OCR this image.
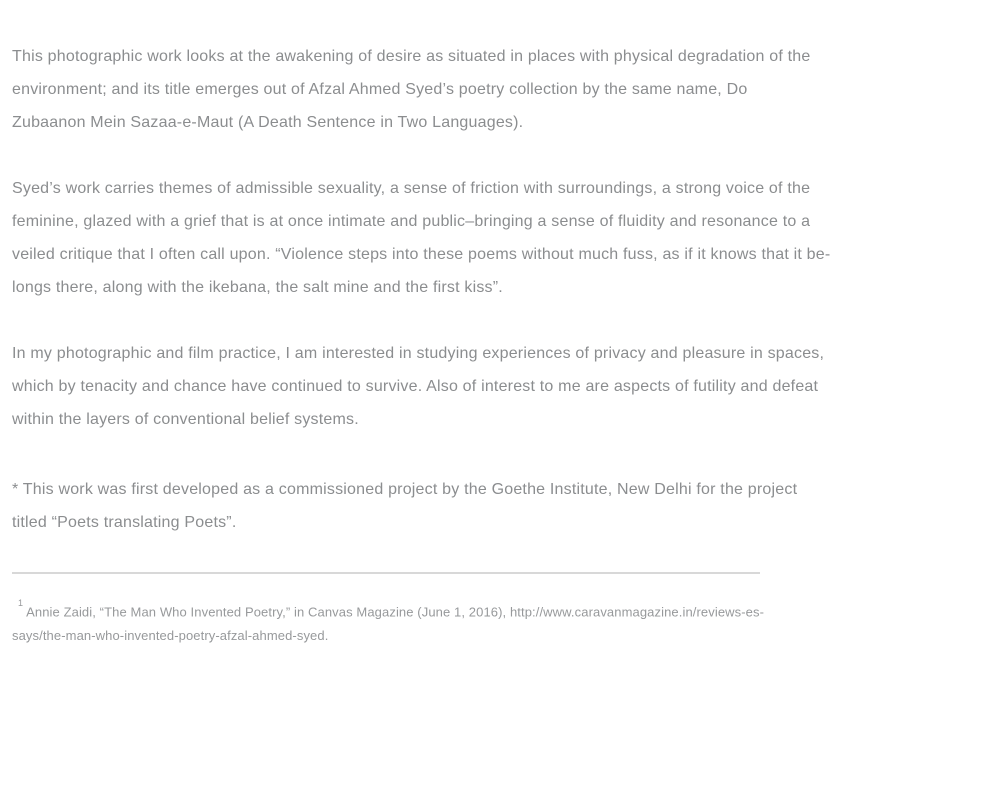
This photographic work looks at the awakening of desire as situated in places with physical degradation of the
environment; and its title emerges out of Afzal Ahmed Syed’s poetry collection by the same name, Do
Zubaanon Mein Sazaa-e-Maut (A Death Sentence in Two Languages).
Syed’s work carries themes of admissible sexuality, a sense of friction with surroundings, a strong voice of the
feminine, glazed with a grief that is at once intimate and public–bringing a sense of fluidity and resonance to a
veiled critique that I often call upon. “Violence steps into these poems without much fuss, as if it knows that it be-
longs there, along with the ikebana, the salt mine and the first kiss”.
In my photographic and film practice, I am interested in studying experiences of privacy and pleasure in spaces,
which by tenacity and chance have continued to survive. Also of interest to me are aspects of futility and defeat
within the layers of conventional belief systems.
* This work was first developed as a commissioned project by the Goethe Institute, New Delhi for the project
titled “Poets translating Poets”.
$^1$Annie Zaidi, “The Man Who Invented Poetry,” in Canvas Magazine (June 1, 2016), http://www.caravanmagazine.in/reviews-es-
says/the-man-who-invented-poetry-afzal-ahmed-syed.
